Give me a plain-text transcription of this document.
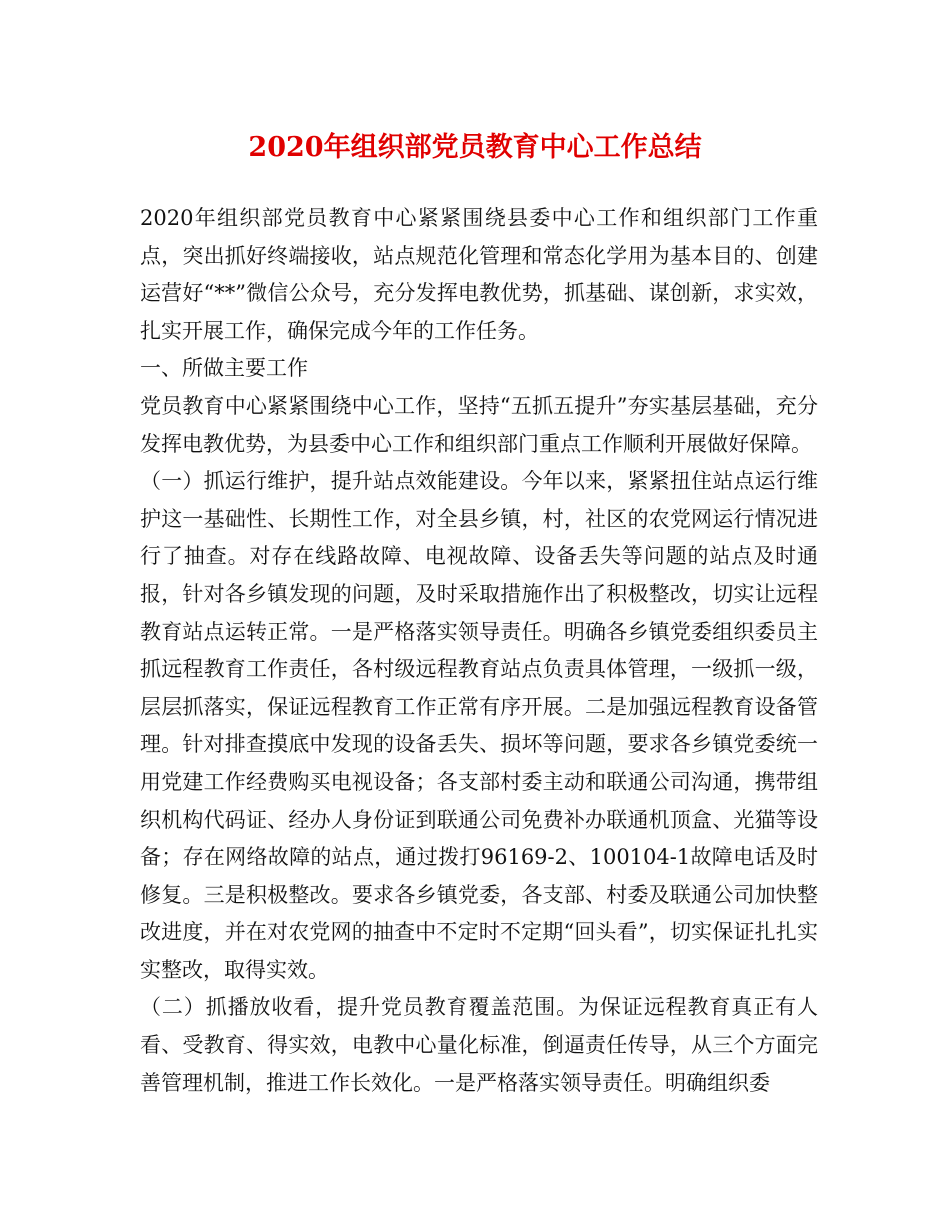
2020年组织部党员教育中心工作总结

2020年组织部党员教育中心紧紧围绕县委中心工作和组织部门工作重点，突出抓好终端接收，站点规范化管理和常态化学用为基本目的、创建运营好“**”微信公众号，充分发挥电教优势，抓基础、谋创新，求实效，扎实开展工作，确保完成今年的工作任务。

一、所做主要工作

党员教育中心紧紧围绕中心工作，坚持“五抓五提升”夯实基层基础，充分发挥电教优势，为县委中心工作和组织部门重点工作顺利开展做好保障。

（一）抓运行维护，提升站点效能建设。今年以来，紧紧扭住站点运行维护这一基础性、长期性工作，对全县乡镇，村，社区的农党网运行情况进行了抽查。对存在线路故障、电视故障、设备丢失等问题的站点及时通报，针对各乡镇发现的问题，及时采取措施作出了积极整改，切实让远程教育站点运转正常。一是严格落实领导责任。明确各乡镇党委组织委员主抓远程教育工作责任，各村级远程教育站点负责具体管理，一级抓一级，层层抓落实，保证远程教育工作正常有序开展。二是加强远程教育设备管理。针对排查摸底中发现的设备丢失、损坏等问题，要求各乡镇党委统一用党建工作经费购买电视设备；各支部村委主动和联通公司沟通，携带组织机构代码证、经办人身份证到联通公司免费补办联通机顶盒、光猫等设备；存在网络故障的站点，通过拨打96169-2、100104-1故障电话及时修复。三是积极整改。要求各乡镇党委，各支部、村委及联通公司加快整改进度，并在对农党网的抽查中不定时不定期“回头看”，切实保证扎扎实实整改，取得实效。

（二）抓播放收看，提升党员教育覆盖范围。为保证远程教育真正有人看、受教育、得实效，电教中心量化标准，倒逼责任传导，从三个方面完善管理机制，推进工作长效化。一是严格落实领导责任。明确组织委
